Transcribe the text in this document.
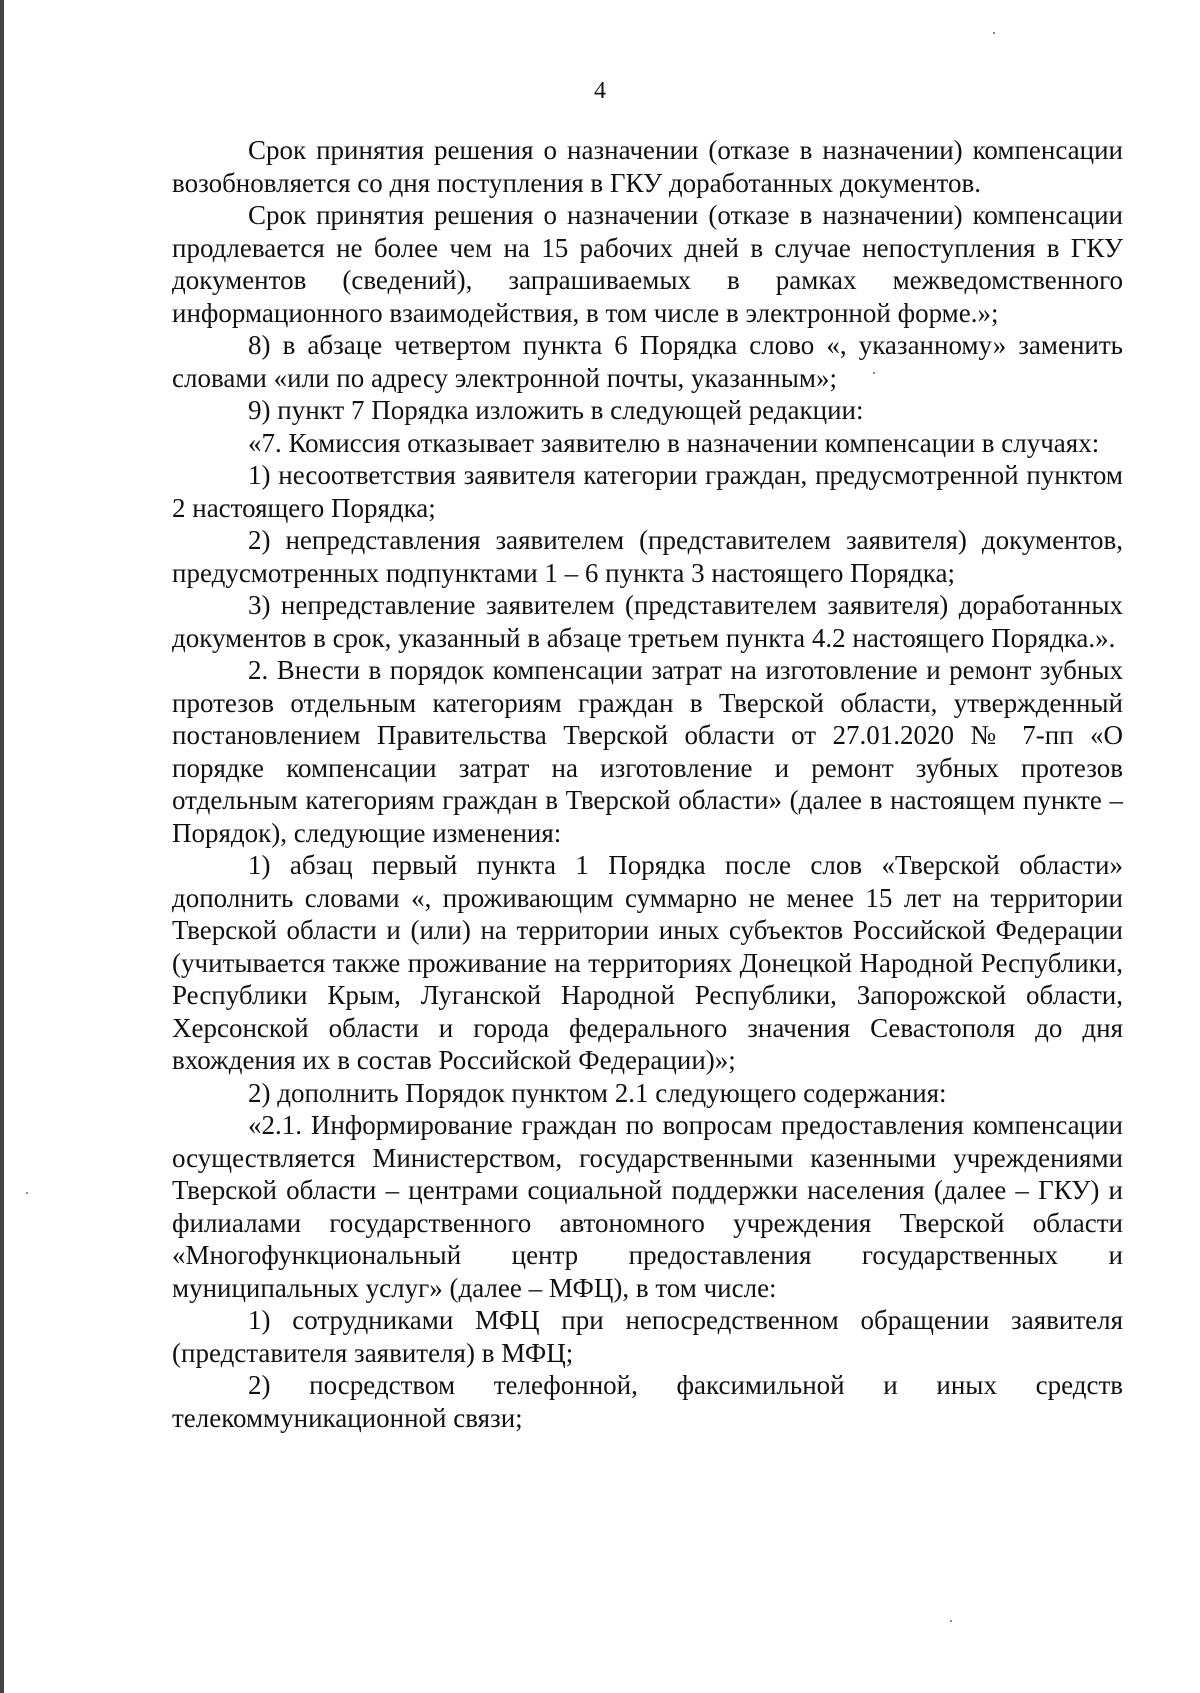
4

Срок принятия решения о назначении (отказе в назначении) компенсации возобновляется со дня поступления в ГКУ доработанных документов.

Срок принятия решения о назначении (отказе в назначении) компенсации продлевается не более чем на 15 рабочих дней в случае непоступления в ГКУ документов (сведений), запрашиваемых в рамках межведомственного информационного взаимодействия, в том числе в электронной форме.»;

8) в абзаце четвертом пункта 6 Порядка слово «, указанному» заменить словами «или по адресу электронной почты, указанным»;

9) пункт 7 Порядка изложить в следующей редакции:

«7. Комиссия отказывает заявителю в назначении компенсации в случаях:

1) несоответствия заявителя категории граждан, предусмотренной пунктом 2 настоящего Порядка;

2) непредставления заявителем (представителем заявителя) документов, предусмотренных подпунктами 1 – 6 пункта 3 настоящего Порядка;

3) непредставление заявителем (представителем заявителя) доработанных документов в срок, указанный в абзаце третьем пункта 4.2 настоящего Порядка.».

2. Внести в порядок компенсации затрат на изготовление и ремонт зубных протезов отдельным категориям граждан в Тверской области, утвержденный постановлением Правительства Тверской области от 27.01.2020 № 7-пп «О порядке компенсации затрат на изготовление и ремонт зубных протезов отдельным категориям граждан в Тверской области» (далее в настоящем пункте – Порядок), следующие изменения:

1) абзац первый пункта 1 Порядка после слов «Тверской области» дополнить словами «, проживающим суммарно не менее 15 лет на территории Тверской области и (или) на территории иных субъектов Российской Федерации (учитывается также проживание на территориях Донецкой Народной Республики, Республики Крым, Луганской Народной Республики, Запорожской области, Херсонской области и города федерального значения Севастополя до дня вхождения их в состав Российской Федерации)»;

2) дополнить Порядок пунктом 2.1 следующего содержания:

«2.1. Информирование граждан по вопросам предоставления компенсации осуществляется Министерством, государственными казенными учреждениями Тверской области – центрами социальной поддержки населения (далее – ГКУ) и филиалами государственного автономного учреждения Тверской области «Многофункциональный центр предоставления государственных и муниципальных услуг» (далее – МФЦ), в том числе:

1) сотрудниками МФЦ при непосредственном обращении заявителя (представителя заявителя) в МФЦ;

2) посредством телефонной, факсимильной и иных средств телекоммуникационной связи;
